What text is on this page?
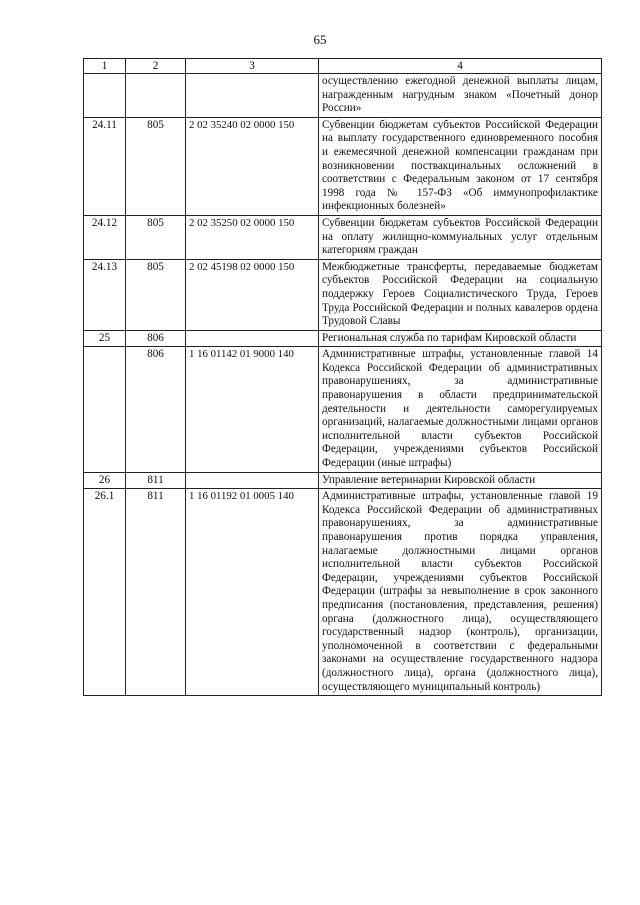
65
1	2	3	4
			осуществлению ежегодной денежной выплаты лицам, награжденным нагрудным знаком «Почетный донор России»
24.11	805	2 02 35240 02 0000 150	Субвенции бюджетам субъектов Российской Федерации на выплату государственного единовременного пособия и ежемесячной денежной компенсации гражданам при возникновении поствакцинальных осложнений в соответствии с Федеральным законом от 17 сентября 1998 года № 157-ФЗ «Об иммунопрофилактике инфекционных болезней»
24.12	805	2 02 35250 02 0000 150	Субвенции бюджетам субъектов Российской Федерации на оплату жилищно-коммунальных услуг отдельным категориям граждан
24.13	805	2 02 45198 02 0000 150	Межбюджетные трансферты, передаваемые бюджетам субъектов Российской Федерации на социальную поддержку Героев Социалистического Труда, Героев Труда Российской Федерации и полных кавалеров ордена Трудовой Славы
25	806		Региональная служба по тарифам Кировской области
	806	1 16 01142 01 9000 140	Административные штрафы, установленные главой 14 Кодекса Российской Федерации об административных правонарушениях, за административные правонарушения в области предпринимательской деятельности и деятельности саморегулируемых организаций, налагаемые должностными лицами органов исполнительной власти субъектов Российской Федерации, учреждениями субъектов Российской Федерации (иные штрафы)
26	811		Управление ветеринарии Кировской области
26.1	811	1 16 01192 01 0005 140	Административные штрафы, установленные главой 19 Кодекса Российской Федерации об административных правонарушениях, за административные правонарушения против порядка управления, налагаемые должностными лицами органов исполнительной власти субъектов Российской Федерации, учреждениями субъектов Российской Федерации (штрафы за невыполнение в срок законного предписания (постановления, представления, решения) органа (должностного лица), осуществляющего государственный надзор (контроль), организации, уполномоченной в соответствии с федеральными законами на осуществление государственного надзора (должностного лица), органа (должностного лица), осуществляющего муниципальный контроль)
